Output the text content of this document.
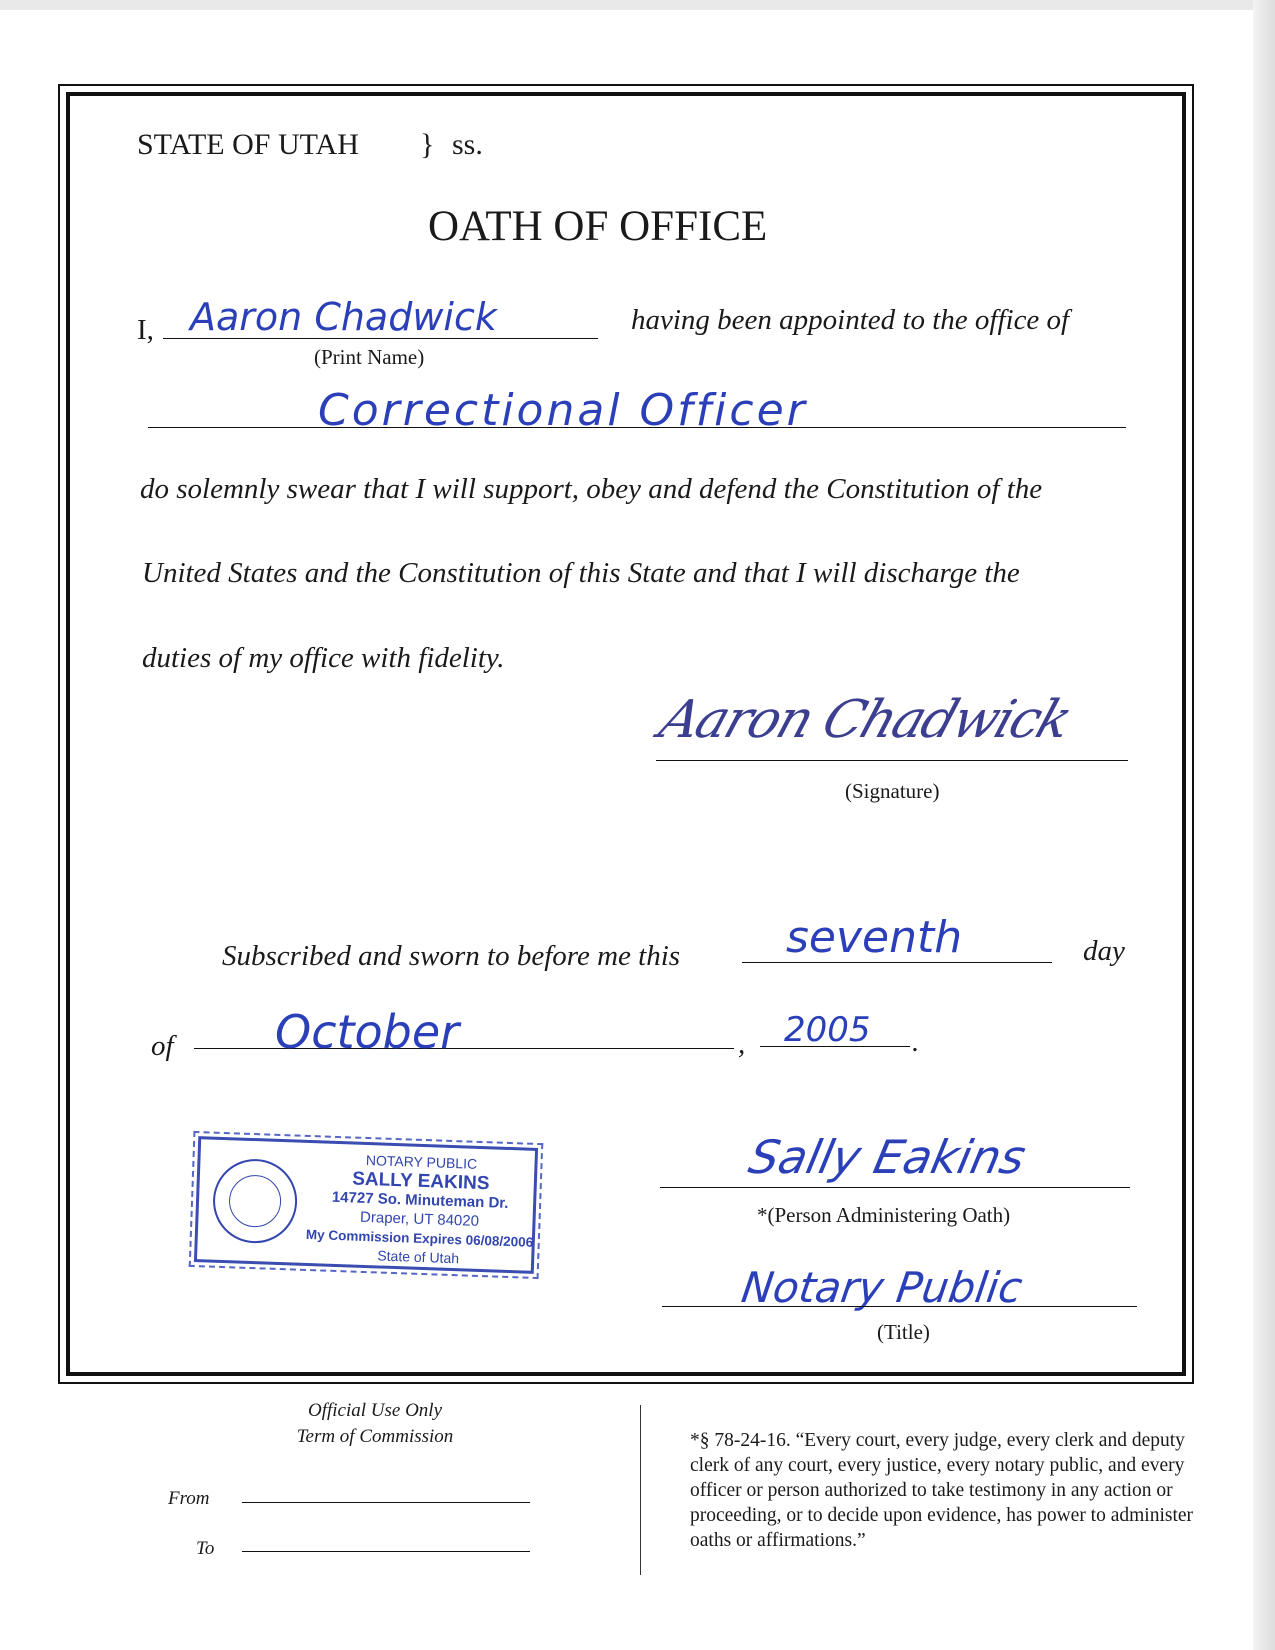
STATE OF UTAH } ss.
OATH OF OFFICE
I, Aaron Chadwick	having been appointed to the office of
(Print Name)
Correctional Officer
do solemnly swear that I will support, obey and defend the Constitution of the
United States and the Constitution of this State and that I will discharge the
duties of my office with fidelity.
Aaron Chadwick
(Signature)
Subscribed and sworn to before me this seventh	day
of October	, 2005 .
NOTARY PUBLIC
SALLY EAKINS
14727 So. Minuteman Dr.
Draper, UT 84020
My Commission Expires 06/08/2006
State of Utah
Sally Eakins
*(Person Administering Oath)
Notary Public
(Title)
Official Use Only
Term of Commission
From
To
*§ 78-24-16. “Every court, every judge, every clerk and deputy clerk of any court, every justice, every notary public, and every officer or person authorized to take testimony in any action or proceeding, or to decide upon evidence, has power to administer oaths or affirmations.”
